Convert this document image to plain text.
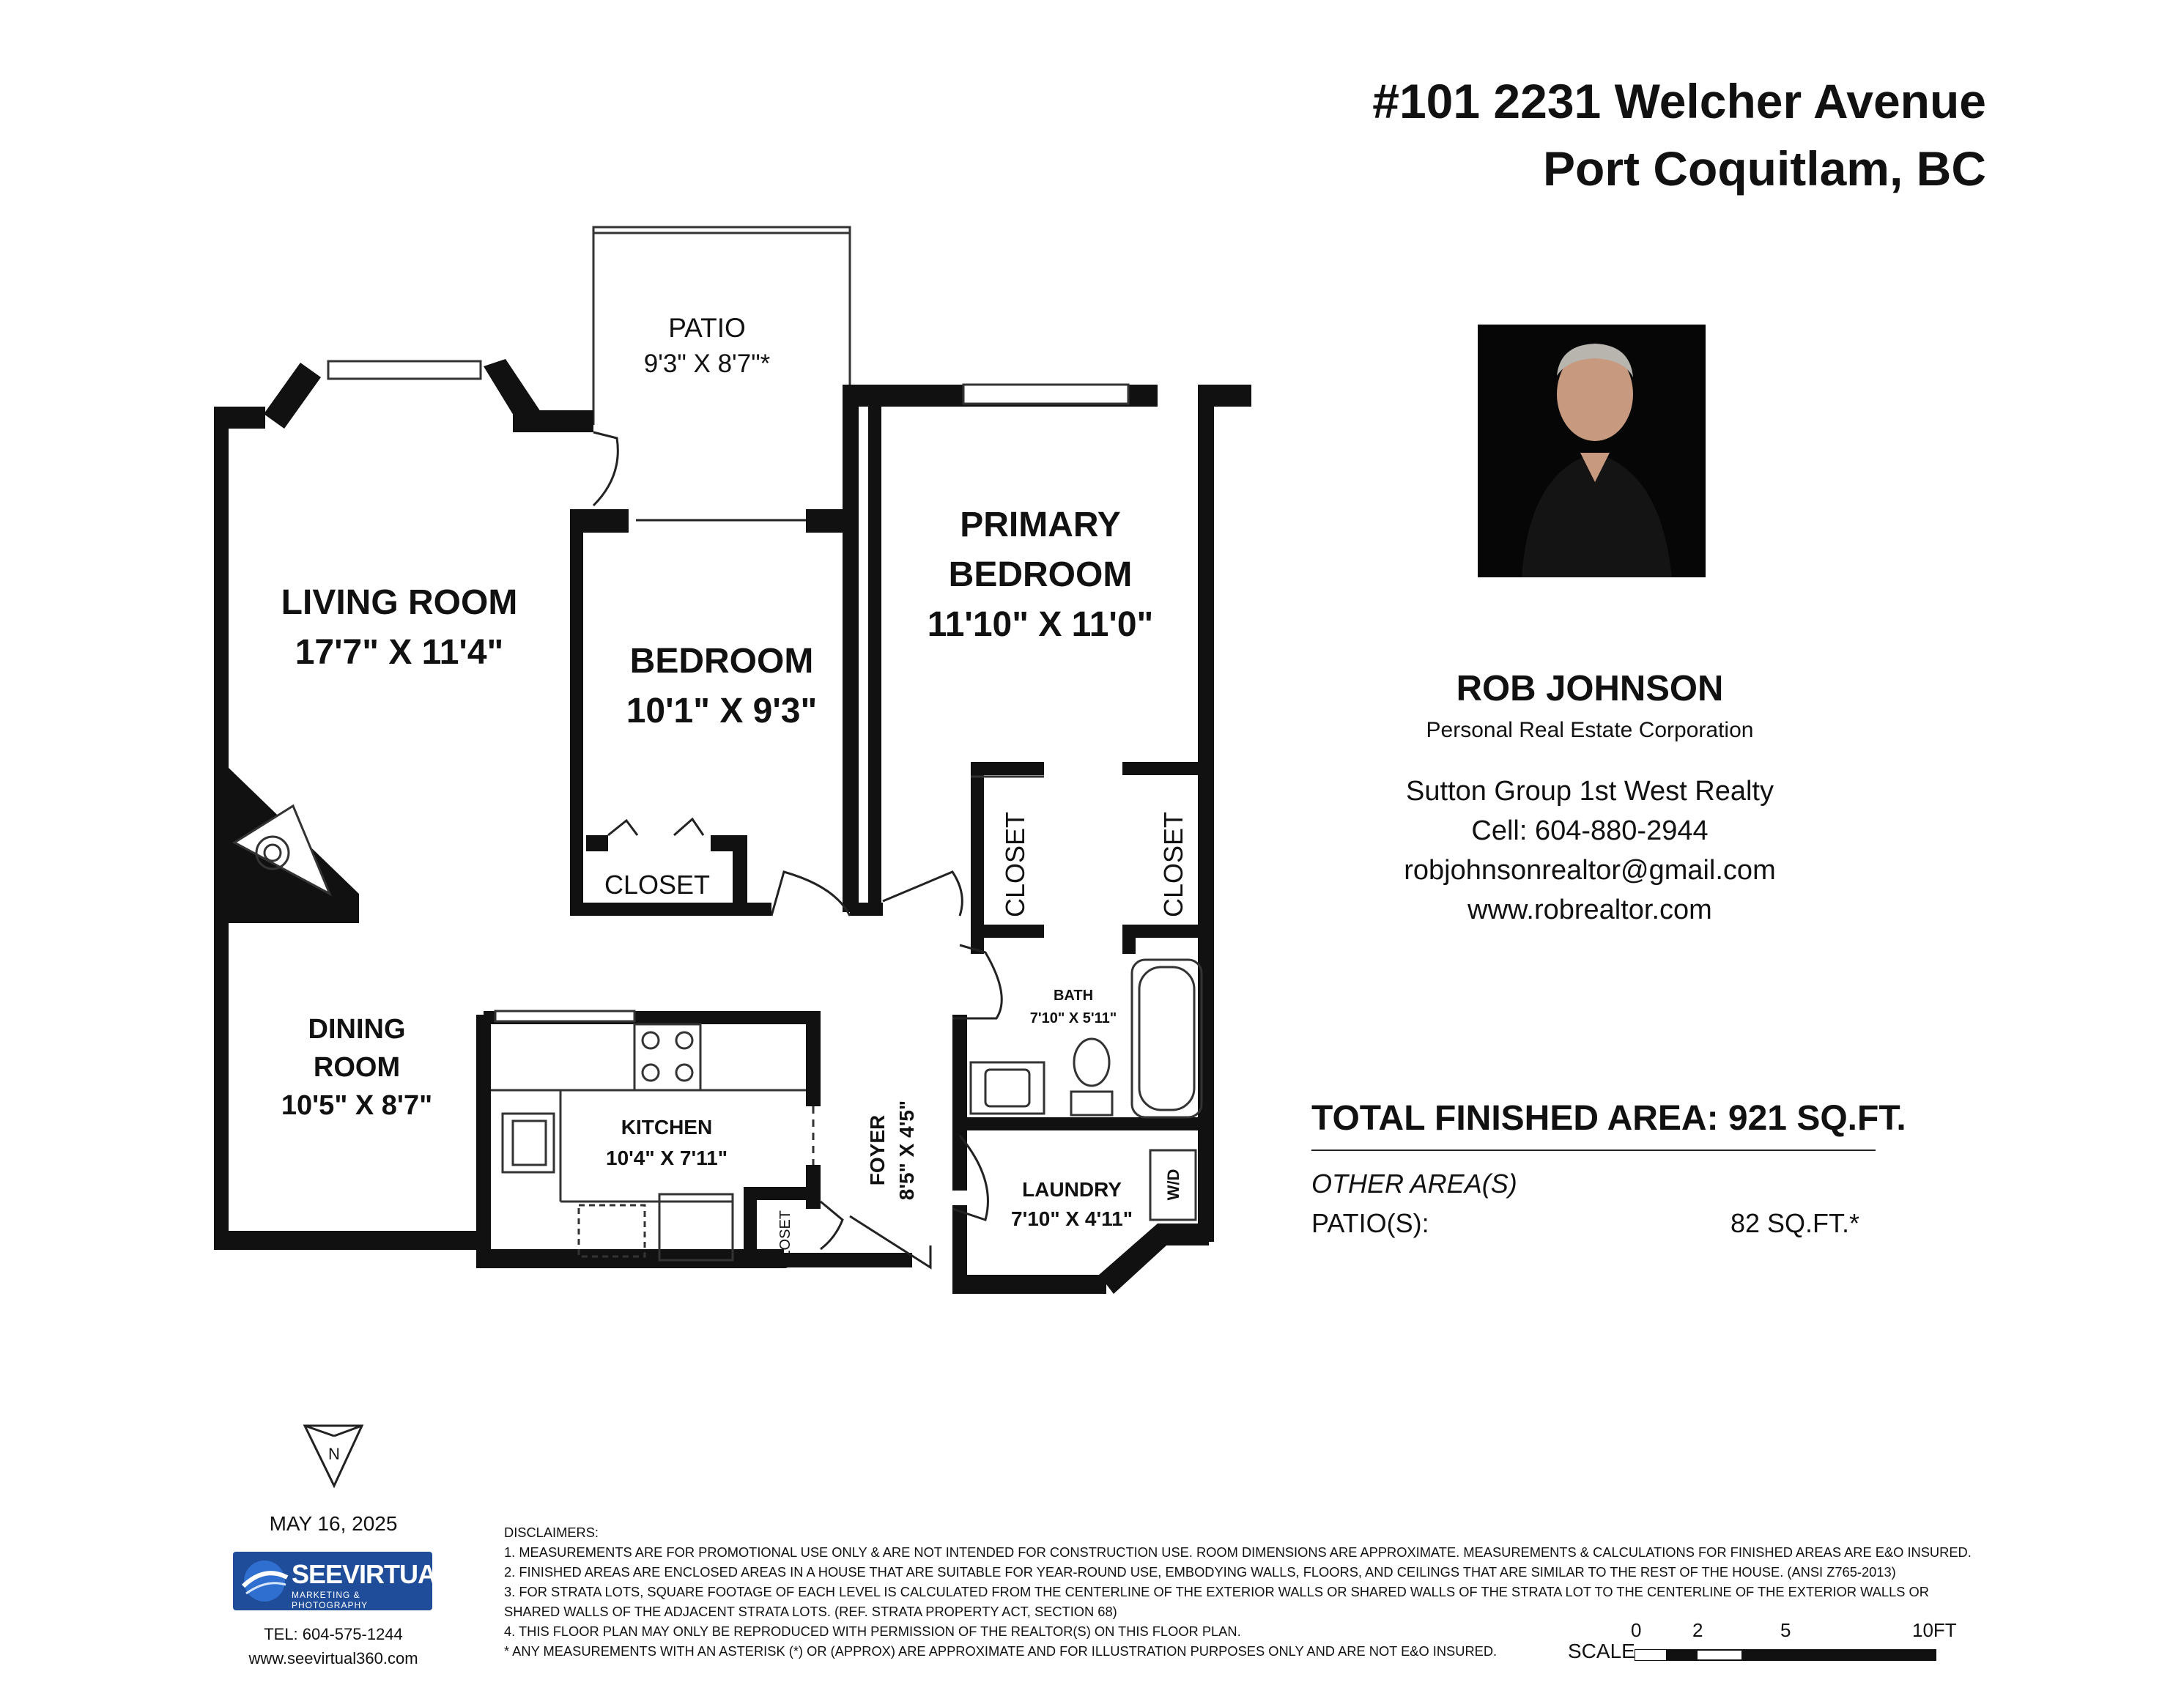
#101 2231 Welcher Avenue
Port Coquitlam, BC
PATIO
9'3" X 8'7"*
LIVING ROOM
17'7" X 11'4"	BEDROOM
10'1" X 9'3"
PRIMARY
BEDROOM
11'10" X 11'0"
CLOSET	CLOSET	CLOSET
BATH
7'10" X 5'11"
DINING
ROOM
10'5" X 8'7"
KITCHEN
10'4" X 7'11"	FOYER 8'5" X 4'5"
CLOSET
LAUNDRY
7'10" X 4'11"
W/D
N
ROB JOHNSON
Personal Real Estate Corporation
Sutton Group 1st West Realty
Cell: 604-880-2944
robjohnsonrealtor@gmail.com
www.robrealtor.com
TOTAL FINISHED AREA: 921 SQ.FT.
OTHER AREA(S)
PATIO(S):	82 SQ.FT.*
MAY 16, 2025
SEEVIRTUAL
MARKETING & PHOTOGRAPHY
TEL: 604-575-1244
www.seevirtual360.com
DISCLAIMERS:
1. MEASUREMENTS ARE FOR PROMOTIONAL USE ONLY & ARE NOT INTENDED FOR CONSTRUCTION USE. ROOM DIMENSIONS ARE APPROXIMATE. MEASUREMENTS & CALCULATIONS FOR FINISHED AREAS ARE E&O INSURED.
2. FINISHED AREAS ARE ENCLOSED AREAS IN A HOUSE THAT ARE SUITABLE FOR YEAR-ROUND USE, EMBODYING WALLS, FLOORS, AND CEILINGS THAT ARE SIMILAR TO THE REST OF THE HOUSE. (ANSI Z765-2013)
3. FOR STRATA LOTS, SQUARE FOOTAGE OF EACH LEVEL IS CALCULATED FROM THE CENTERLINE OF THE EXTERIOR WALLS OR SHARED WALLS OF THE STRATA LOT TO THE CENTERLINE OF THE EXTERIOR WALLS OR
SHARED WALLS OF THE ADJACENT STRATA LOTS. (REF. STRATA PROPERTY ACT, SECTION 68)
4. THIS FLOOR PLAN MAY ONLY BE REPRODUCED WITH PERMISSION OF THE REALTOR(S) ON THIS FLOOR PLAN.
* ANY MEASUREMENTS WITH AN ASTERISK (*) OR (APPROX) ARE APPROXIMATE AND FOR ILLUSTRATION PURPOSES ONLY AND ARE NOT E&O INSURED.	SCALE
0	2	5	10FT
